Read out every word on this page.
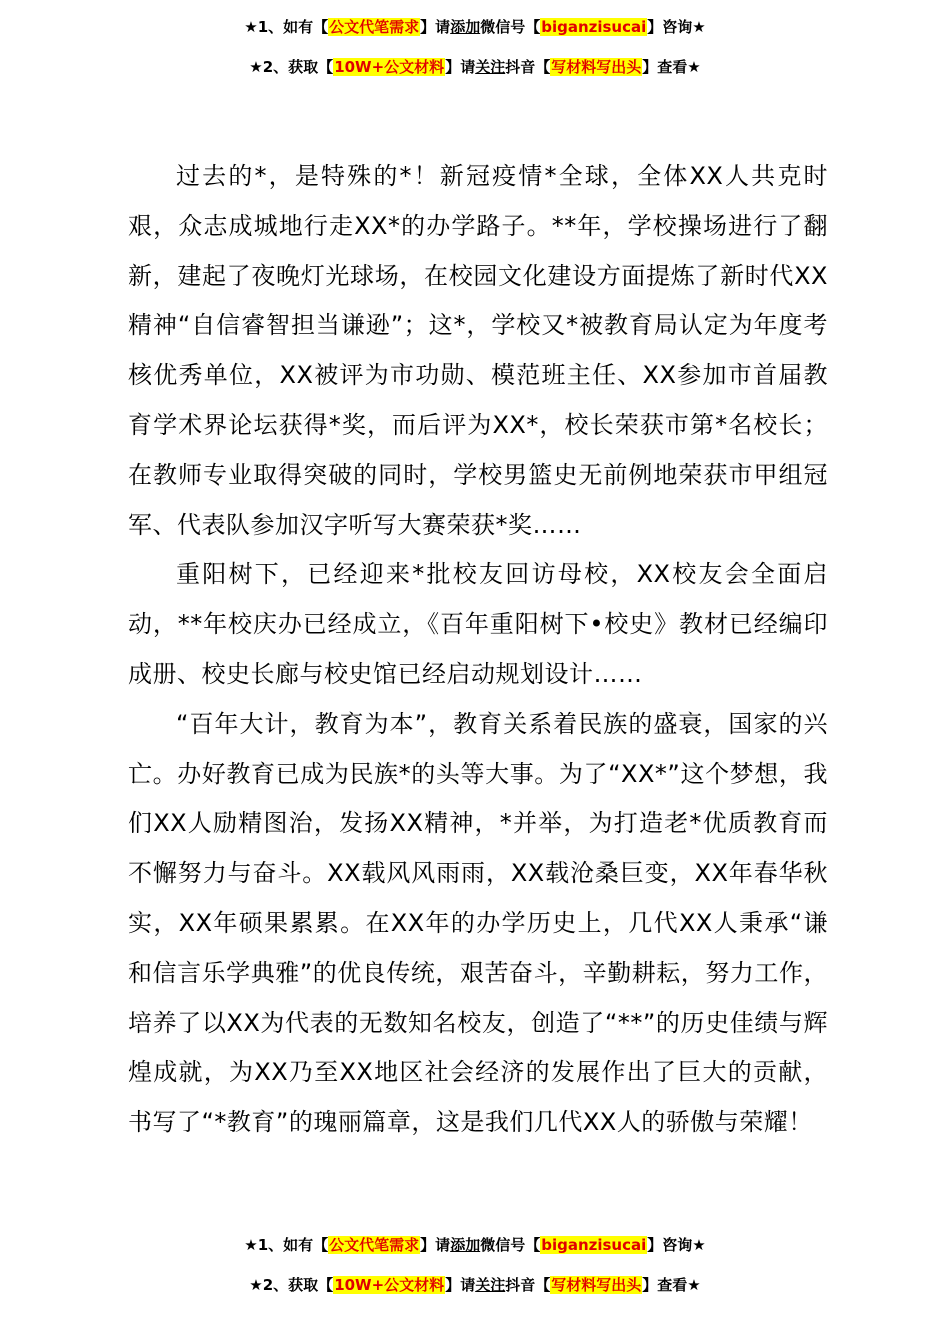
★1、如有【公文代笔需求】请添加微信号【biganzisucai】咨询★
★2、获取【10W+公文材料】请关注抖音【写材料写出头】查看★

过去的*，是特殊的*！新冠疫情*全球，全体XX人共克时艰，众志成城地行走XX*的办学路子。**年，学校操场进行了翻新，建起了夜晚灯光球场，在校园文化建设方面提炼了新时代XX精神“自信睿智担当谦逊”；这*，学校又*被教育局认定为年度考核优秀单位，XX被评为市功勋、模范班主任、XX参加市首届教育学术界论坛获得*奖，而后评为XX*，校长荣获市第*名校长；在教师专业取得突破的同时，学校男篮史无前例地荣获市甲组冠军、代表队参加汉字听写大赛荣获*奖……

重阳树下，已经迎来*批校友回访母校，XX校友会全面启动，**年校庆办已经成立，《百年重阳树下•校史》教材已经编印成册、校史长廊与校史馆已经启动规划设计……

“百年大计，教育为本”，教育关系着民族的盛衰，国家的兴亡。办好教育已成为民族*的头等大事。为了“XX*”这个梦想，我们XX人励精图治，发扬XX精神，*并举，为打造老*优质教育而不懈努力与奋斗。XX载风风雨雨，XX载沧桑巨变，XX年春华秋实，XX年硕果累累。在XX年的办学历史上，几代XX人秉承“谦和信言乐学典雅”的优良传统，艰苦奋斗，辛勤耕耘，努力工作，培养了以XX为代表的无数知名校友，创造了“**”的历史佳绩与辉煌成就，为XX乃至XX地区社会经济的发展作出了巨大的贡献，书写了“*教育”的瑰丽篇章，这是我们几代XX人的骄傲与荣耀！

★1、如有【公文代笔需求】请添加微信号【biganzisucai】咨询★
★2、获取【10W+公文材料】请关注抖音【写材料写出头】查看★
